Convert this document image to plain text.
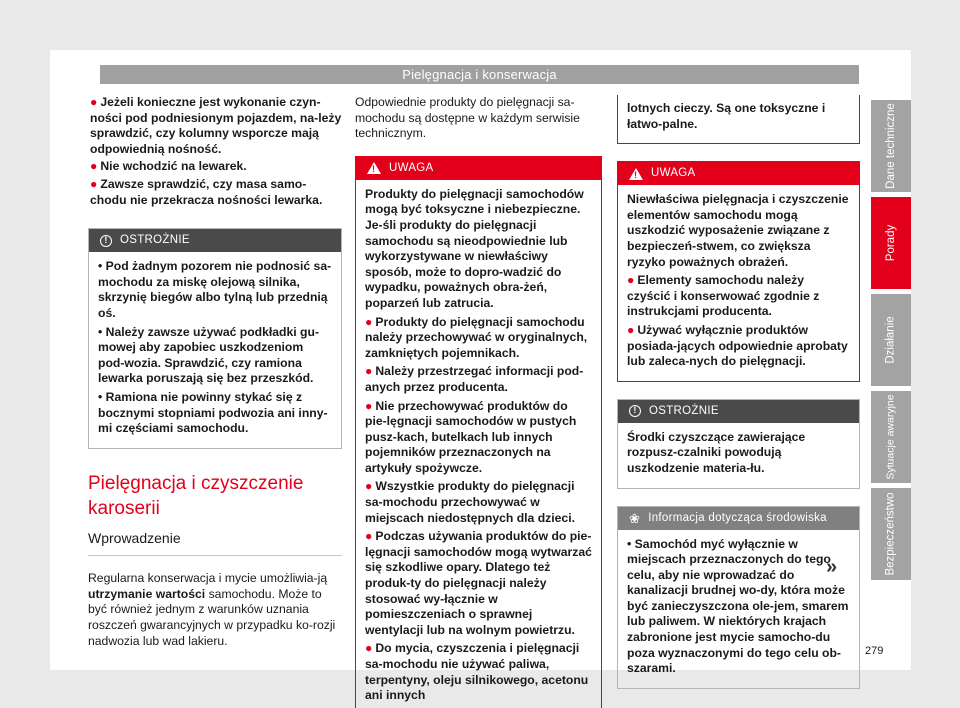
Pielęgnacja i konserwacja

● Jeżeli konieczne jest wykonanie czyn-ności pod podniesionym pojazdem, na-leży sprawdzić, czy kolumny wsporcze mają odpowiednią nośność.

● Nie wchodzić na lewarek.

● Zawsze sprawdzić, czy masa samo-chodu nie przekracza nośności lewarka.

!	OSTROŻNIE

• Pod żadnym pozorem nie podnosić sa-mochodu za miskę olejową silnika, skrzynię biegów albo tylną lub przednią oś.

• Należy zawsze używać podkładki gu-mowej aby zapobiec uszkodzeniom pod-wozia. Sprawdzić, czy ramiona lewarka poruszają się bez przeszkód.

• Ramiona nie powinny stykać się z bocznymi stopniami podwozia ani inny-mi częściami samochodu.

Pielęgnacja i czyszczenie karoserii
Wprowadzenie

Regularna konserwacja i mycie umożliwia-ją utrzymanie wartości samochodu. Może to być również jednym z warunków uznania roszczeń gwarancyjnych w przypadku ko-rozji nadwozia lub wad lakieru.

Odpowiednie produkty do pielęgnacji sa-mochodu są dostępne w każdym serwisie technicznym.

! UWAGA

Produkty do pielęgnacji samochodów mogą być toksyczne i niebezpieczne. Je-śli produkty do pielęgnacji samochodu są nieodpowiednie lub wykorzystywane w niewłaściwy sposób, może to dopro-wadzić do wypadku, poważnych obra-żeń, poparzeń lub zatrucia.

● Produkty do pielęgnacji samochodu należy przechowywać w oryginalnych, zamkniętych pojemnikach.

● Należy przestrzegać informacji pod-anych przez producenta.

● Nie przechowywać produktów do pie-lęgnacji samochodów w pustych pusz-kach, butelkach lub innych pojemników przeznaczonych na artykuły spożywcze.

● Wszystkie produkty do pielęgnacji sa-mochodu przechowywać w miejscach niedostępnych dla dzieci.

● Podczas używania produktów do pie-lęgnacji samochodów mogą wytwarzać się szkodliwe opary. Dlatego też produk-ty do pielęgnacji należy stosować wy-łącznie w pomieszczeniach o sprawnej wentylacji lub na wolnym powietrzu.

● Do mycia, czyszczenia i pielęgnacji sa-mochodu nie używać paliwa, terpentyny, oleju silnikowego, acetonu ani innych

lotnych cieczy. Są one toksyczne i łatwo-palne.

! UWAGA

Niewłaściwa pielęgnacja i czyszczenie elementów samochodu mogą uszkodzić wyposażenie związane z bezpieczeń-stwem, co zwiększa ryzyko poważnych obrażeń.

● Elementy samochodu należy czyścić i konserwować zgodnie z instrukcjami producenta.

● Używać wyłącznie produktów posiada-jących odpowiednie aprobaty lub zaleca-nych do pielęgnacji.

!	OSTROŻNIE

Środki czyszczące zawierające rozpusz-czalniki powodują uszkodzenie materia-łu.

❀ Informacja dotycząca środowiska

• Samochód myć wyłącznie w miejscach przeznaczonych do tego celu, aby nie wprowadzać do kanalizacji brudnej wo-dy, która może być zanieczyszczona ole-jem, smarem lub paliwem. W niektórych krajach zabronione jest mycie samocho-du poza wyznaczonymi do tego celu ob-szarami.

»
Dane techniczne
Porady
Działanie
Sytuacje awaryjne
Bezpieczeństwo
279
